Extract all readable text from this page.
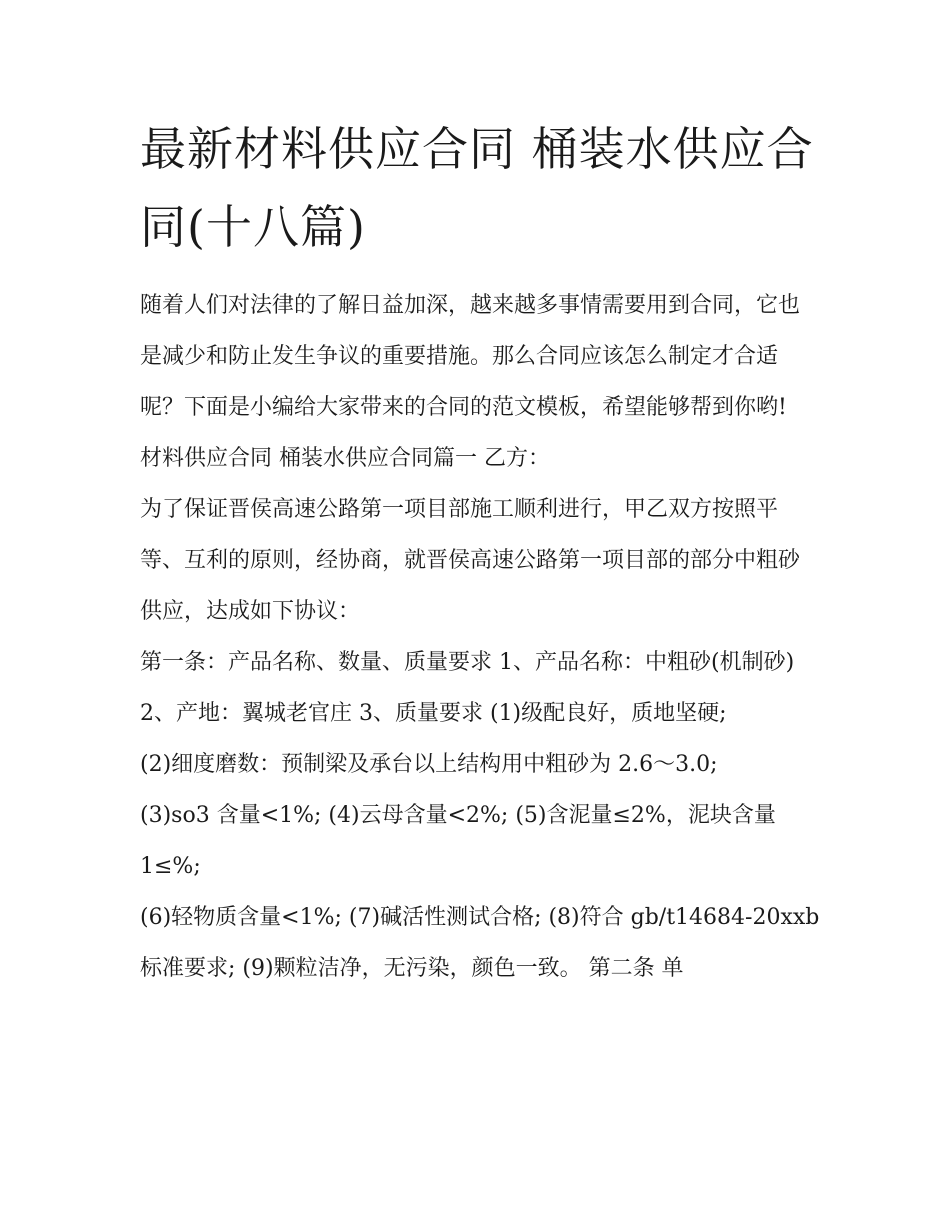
最新材料供应合同 桶装水供应合同(十八篇)

随着人们对法律的了解日益加深，越来越多事情需要用到合同，它也是减少和防止发生争议的重要措施。那么合同应该怎么制定才合适呢？下面是小编给大家带来的合同的范文模板，希望能够帮到你哟!

材料供应合同 桶装水供应合同篇一 乙方：

为了保证晋侯高速公路第一项目部施工顺利进行，甲乙双方按照平等、互利的原则，经协商，就晋侯高速公路第一项目部的部分中粗砂供应，达成如下协议：

第一条：产品名称、数量、质量要求 1、产品名称：中粗砂(机制砂) 2、产地：翼城老官庄 3、质量要求 (1)级配良好，质地坚硬;

(2)细度磨数：预制梁及承台以上结构用中粗砂为 2.6～3.0;

(3)so3 含量<1%; (4)云母含量<2%; (5)含泥量≤2%，泥块含量 1≤%;

(6)轻物质含量<1%; (7)碱活性测试合格; (8)符合 gb/t14684-20xxb 标准要求; (9)颗粒洁净，无污染，颜色一致。 第二条 单
